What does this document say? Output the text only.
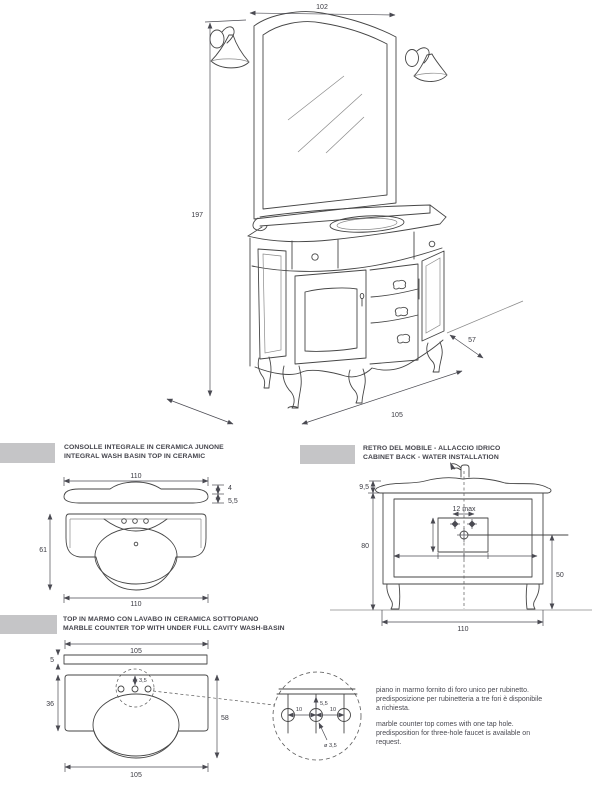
102
197
105
57
110
4
5,5
61
110
12 max
9,5
80
50
110
105
5
3,5
36
58
105
10	10
5,5
ø 3,5
CONSOLLE INTEGRALE IN CERAMICA JUNONE
INTEGRAL WASH BASIN TOP IN CERAMIC
RETRO DEL MOBILE - ALLACCIO IDRICO
CABINET BACK - WATER INSTALLATION
TOP IN MARMO CON LAVABO IN CERAMICA SOTTOPIANO
MARBLE COUNTER TOP WITH UNDER FULL CAVITY WASH-BASIN

piano in marmo fornito di foro unico per rubinetto. predisposizione per rubinetteria a tre fori è disponibile a richiesta.

marble counter top comes with one tap hole. predisposition for three-hole faucet is available on request.
